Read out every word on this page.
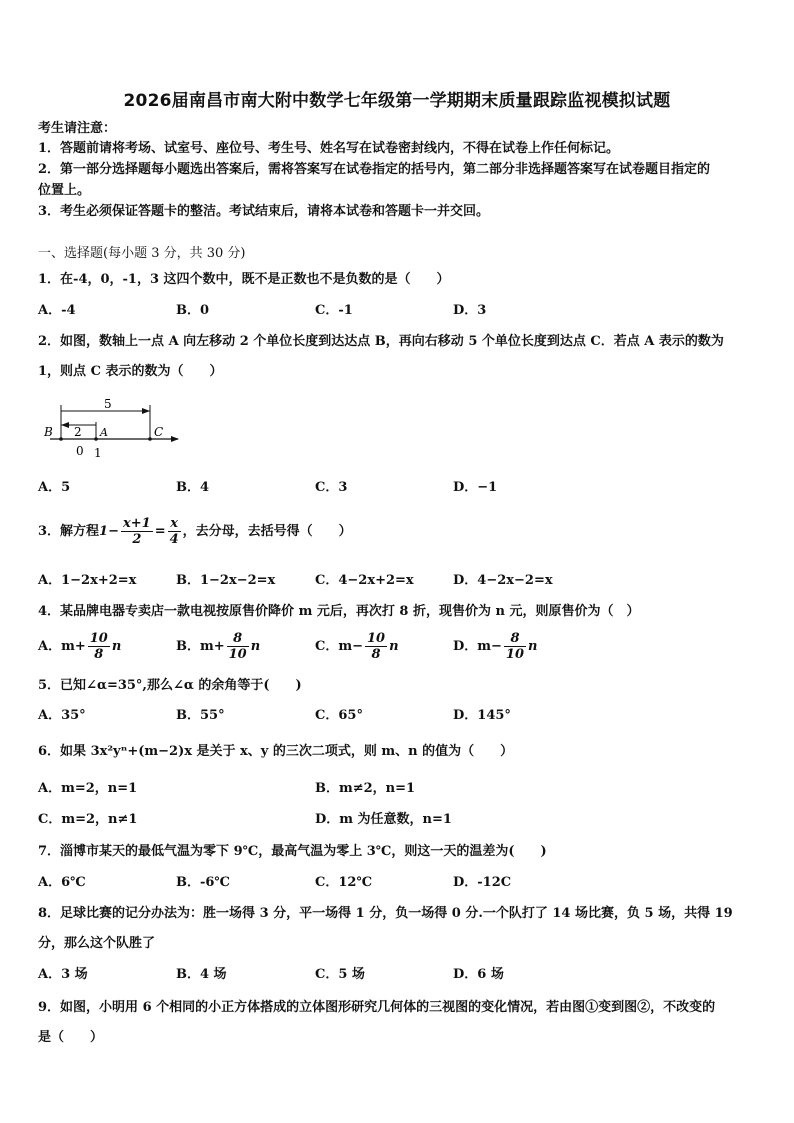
2026届南昌市南大附中数学七年级第一学期期末质量跟踪监视模拟试题
考生请注意：
1．答题前请将考场、试室号、座位号、考生号、姓名写在试卷密封线内，不得在试卷上作任何标记。
2．第一部分选择题每小题选出答案后，需将答案写在试卷指定的括号内，第二部分非选择题答案写在试卷题目指定的
位置上。
3．考生必须保证答题卡的整洁。考试结束后，请将本试卷和答题卡一并交回。
一、选择题(每小题 3 分，共 30 分)
1．在-4，0，-1，3 这四个数中，既不是正数也不是负数的是（　　）
A．-4	B．0	C．-1	D．3
2．如图，数轴上一点 A 向左移动 2 个单位长度到达达点 B，再向右移动 5 个单位长度到达点 C．若点 A 表示的数为
1，则点 C 表示的数为（　　）
5
2
B	A	C
0 1
A．5	B．4	C．3	D．−1
3．解方程$1- \frac{x+1}{2} = \frac{x}{4}$ ，去分母，去括号得（　　）
A．1−2x+2=x	B．1−2x−2=x	C．4−2x+2=x	D．4−2x−2=x
4．某品牌电器专卖店一款电视按原售价降价 m 元后，再次打 8 折，现售价为 n 元，则原售价为（　）
A．$m+ \frac{10}{8}$ n	B．$m+ \frac{8}{10}$ n	C．$m- \frac{10}{8}$ n	D．$m- \frac{8}{10}$ n
5．已知∠α=35°,那么∠α 的余角等于(　　)
A．35°	B．55°	C．65°	D．145°
6．如果 3x²yⁿ+(m−2)x 是关于 x、y 的三次二项式，则 m、n 的值为（　　）
A．m=2，n=1	B．m≠2，n=1
C．m=2，n≠1	D．m 为任意数，n=1
7．淄博市某天的最低气温为零下 9℃，最高气温为零上 3℃，则这一天的温差为(　　)
A．6℃	B．-6℃	C．12℃	D．-12C
8．足球比赛的记分办法为：胜一场得 3 分，平一场得 1 分，负一场得 0 分.一个队打了 14 场比赛，负 5 场，共得 19
分，那么这个队胜了
A．3 场	B．4 场	C．5 场	D．6 场
9．如图，小明用 6 个相同的小正方体搭成的立体图形研究几何体的三视图的变化情况，若由图①变到图②，不改变的
是（　　）
